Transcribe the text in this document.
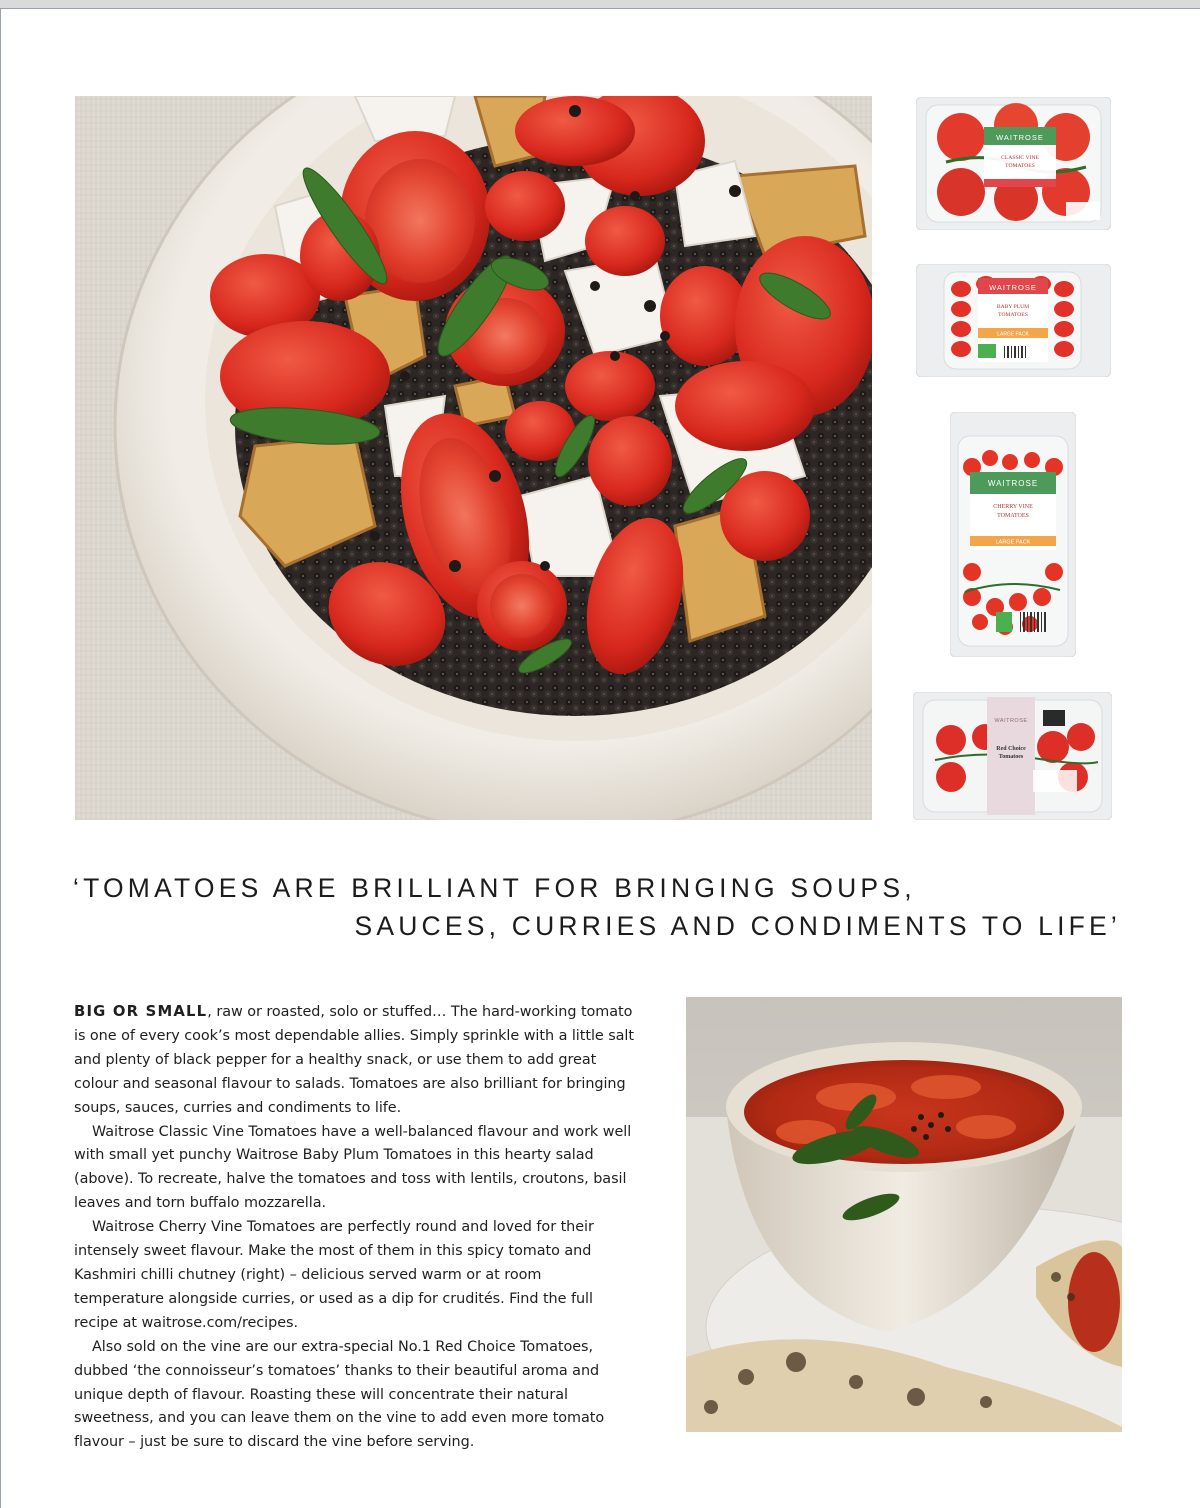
WAITROSE
CLASSIC VINE
TOMATOES
WAITROSE
BABY PLUM
TOMATOES
LARGE PACK
WAITROSE
CHERRY VINE
TOMATOES
LARGE PACK
WAITROSE
Red Choice
Tomatoes
‘TOMATOES ARE BRILLIANT FOR BRINGING SOUPS,
SAUCES, CURRIES AND CONDIMENTS TO LIFE’

BIG OR SMALL, raw or roasted, solo or stuffed… The hard-working tomato is one of every cook’s most dependable allies. Simply sprinkle with a little salt and plenty of black pepper for a healthy snack, or use them to add great colour and seasonal flavour to salads. Tomatoes are also brilliant for bringing soups, sauces, curries and condiments to life.

Waitrose Classic Vine Tomatoes have a well-balanced flavour and work well with small yet punchy Waitrose Baby Plum Tomatoes in this hearty salad (above). To recreate, halve the tomatoes and toss with lentils, croutons, basil leaves and torn buffalo mozzarella.

Waitrose Cherry Vine Tomatoes are perfectly round and loved for their intensely sweet flavour. Make the most of them in this spicy tomato and Kashmiri chilli chutney (right) – delicious served warm or at room temperature alongside curries, or used as a dip for crudités. Find the full recipe at waitrose.com/recipes.

Also sold on the vine are our extra-special No.1 Red Choice Tomatoes, dubbed ‘the connoisseur’s tomatoes’ thanks to their beautiful aroma and unique depth of flavour. Roasting these will concentrate their natural sweetness, and you can leave them on the vine to add even more tomato flavour – just be sure to discard the vine before serving.
